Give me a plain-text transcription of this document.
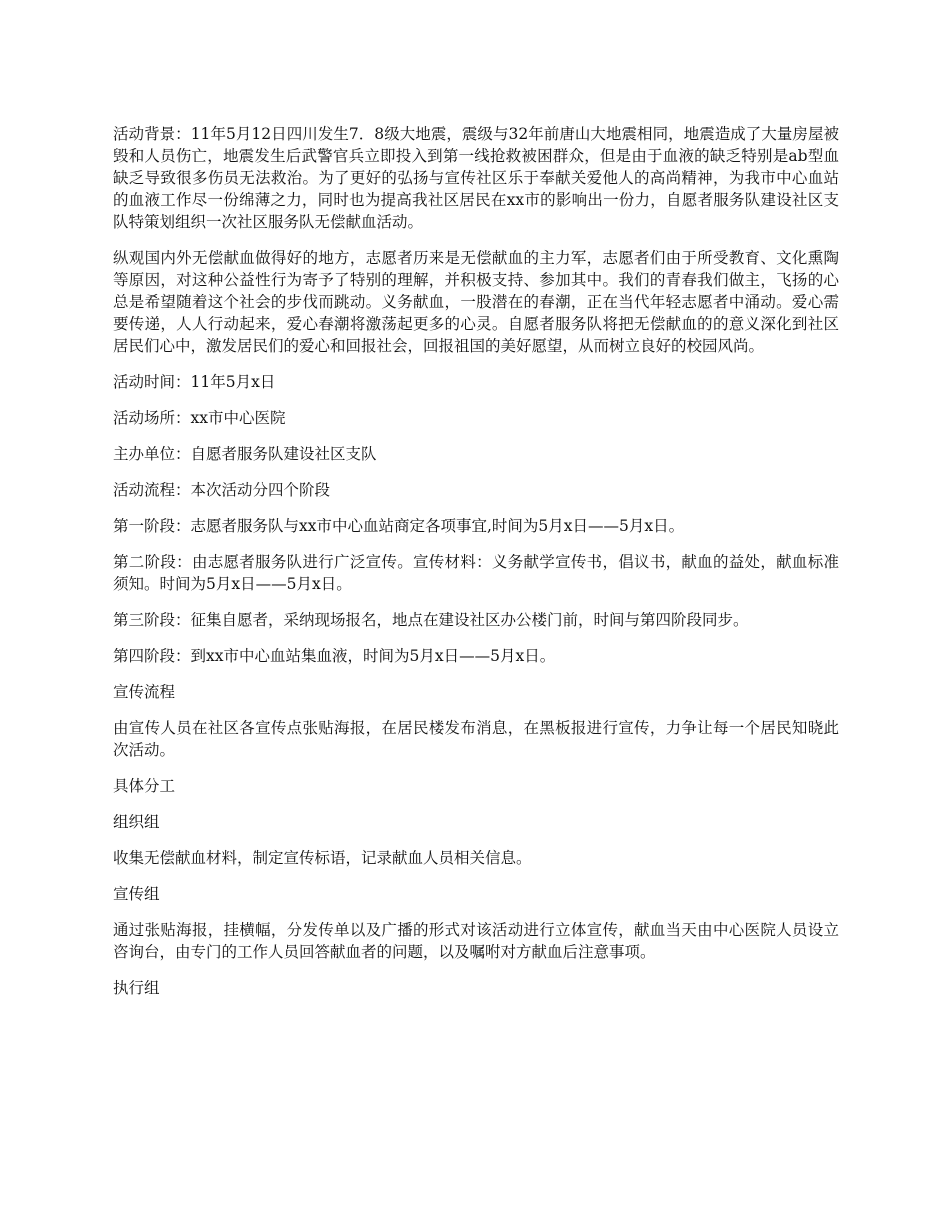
活动背景：11年5月12日四川发生7．8级大地震，震级与32年前唐山大地震相同，地震造成了大量房屋被毁和人员伤亡，地震发生后武警官兵立即投入到第一线抢救被困群众，但是由于血液的缺乏特别是ab型血缺乏导致很多伤员无法救治。为了更好的弘扬与宣传社区乐于奉献关爱他人的高尚精神，为我市中心血站的血液工作尽一份绵薄之力，同时也为提高我社区居民在xx市的影响出一份力，自愿者服务队建设社区支队特策划组织一次社区服务队无偿献血活动。

纵观国内外无偿献血做得好的地方，志愿者历来是无偿献血的主力军，志愿者们由于所受教育、文化熏陶等原因，对这种公益性行为寄予了特别的理解，并积极支持、参加其中。我们的青春我们做主，飞扬的心总是希望随着这个社会的步伐而跳动。义务献血，一股潜在的春潮，正在当代年轻志愿者中涌动。爱心需要传递，人人行动起来，爱心春潮将激荡起更多的心灵。自愿者服务队将把无偿献血的的意义深化到社区居民们心中，激发居民们的爱心和回报社会，回报祖国的美好愿望，从而树立良好的校园风尚。

活动时间：11年5月x日

活动场所：xx市中心医院

主办单位：自愿者服务队建设社区支队

活动流程：本次活动分四个阶段

第一阶段：志愿者服务队与xx市中心血站商定各项事宜,时间为5月x日——5月x日。

第二阶段：由志愿者服务队进行广泛宣传。宣传材料：义务献学宣传书，倡议书，献血的益处，献血标准须知。时间为5月x日——5月x日。

第三阶段：征集自愿者，采纳现场报名，地点在建设社区办公楼门前，时间与第四阶段同步。

第四阶段：到xx市中心血站集血液，时间为5月x日——5月x日。

宣传流程

由宣传人员在社区各宣传点张贴海报，在居民楼发布消息，在黑板报进行宣传，力争让每一个居民知晓此次活动。

具体分工

组织组

收集无偿献血材料，制定宣传标语，记录献血人员相关信息。

宣传组

通过张贴海报，挂横幅，分发传单以及广播的形式对该活动进行立体宣传，献血当天由中心医院人员设立咨询台，由专门的工作人员回答献血者的问题，以及嘱咐对方献血后注意事项。

执行组
